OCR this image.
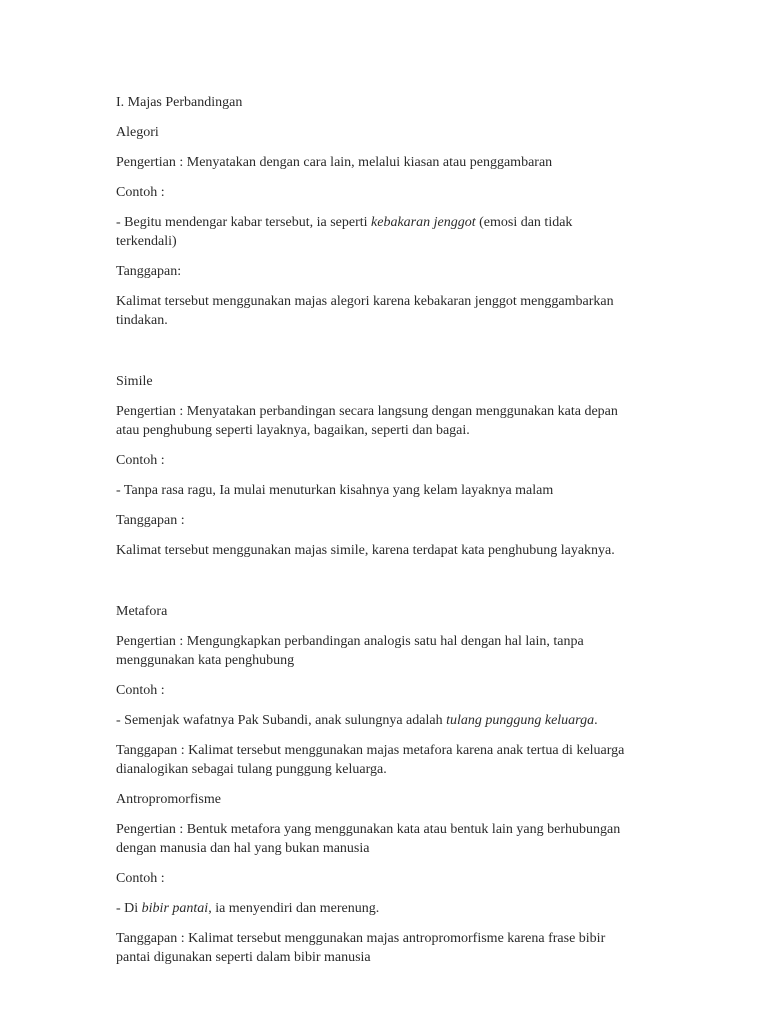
I. Majas Perbandingan

Alegori

Pengertian : Menyatakan dengan cara lain, melalui kiasan atau penggambaran

Contoh :

- Begitu mendengar kabar tersebut, ia seperti kebakaran jenggot (emosi dan tidak terkendali)

Tanggapan:

Kalimat tersebut menggunakan majas alegori karena kebakaran jenggot menggambarkan tindakan.

Simile

Pengertian : Menyatakan perbandingan secara langsung dengan menggunakan kata depan atau penghubung seperti layaknya, bagaikan, seperti dan bagai.

Contoh :

- Tanpa rasa ragu, Ia mulai menuturkan kisahnya yang kelam layaknya malam

Tanggapan :

Kalimat tersebut menggunakan majas simile, karena terdapat kata penghubung layaknya.

Metafora

Pengertian : Mengungkapkan perbandingan analogis satu hal dengan hal lain, tanpa menggunakan kata penghubung

Contoh :

- Semenjak wafatnya Pak Subandi, anak sulungnya adalah tulang punggung keluarga.

Tanggapan : Kalimat tersebut menggunakan majas metafora karena anak tertua di keluarga dianalogikan sebagai tulang punggung keluarga.

Antropromorfisme

Pengertian : Bentuk metafora yang menggunakan kata atau bentuk lain yang berhubungan dengan manusia dan hal yang bukan manusia

Contoh :

- Di bibir pantai, ia menyendiri dan merenung.

Tanggapan : Kalimat tersebut menggunakan majas antropromorfisme karena frase bibir pantai digunakan seperti dalam bibir manusia
